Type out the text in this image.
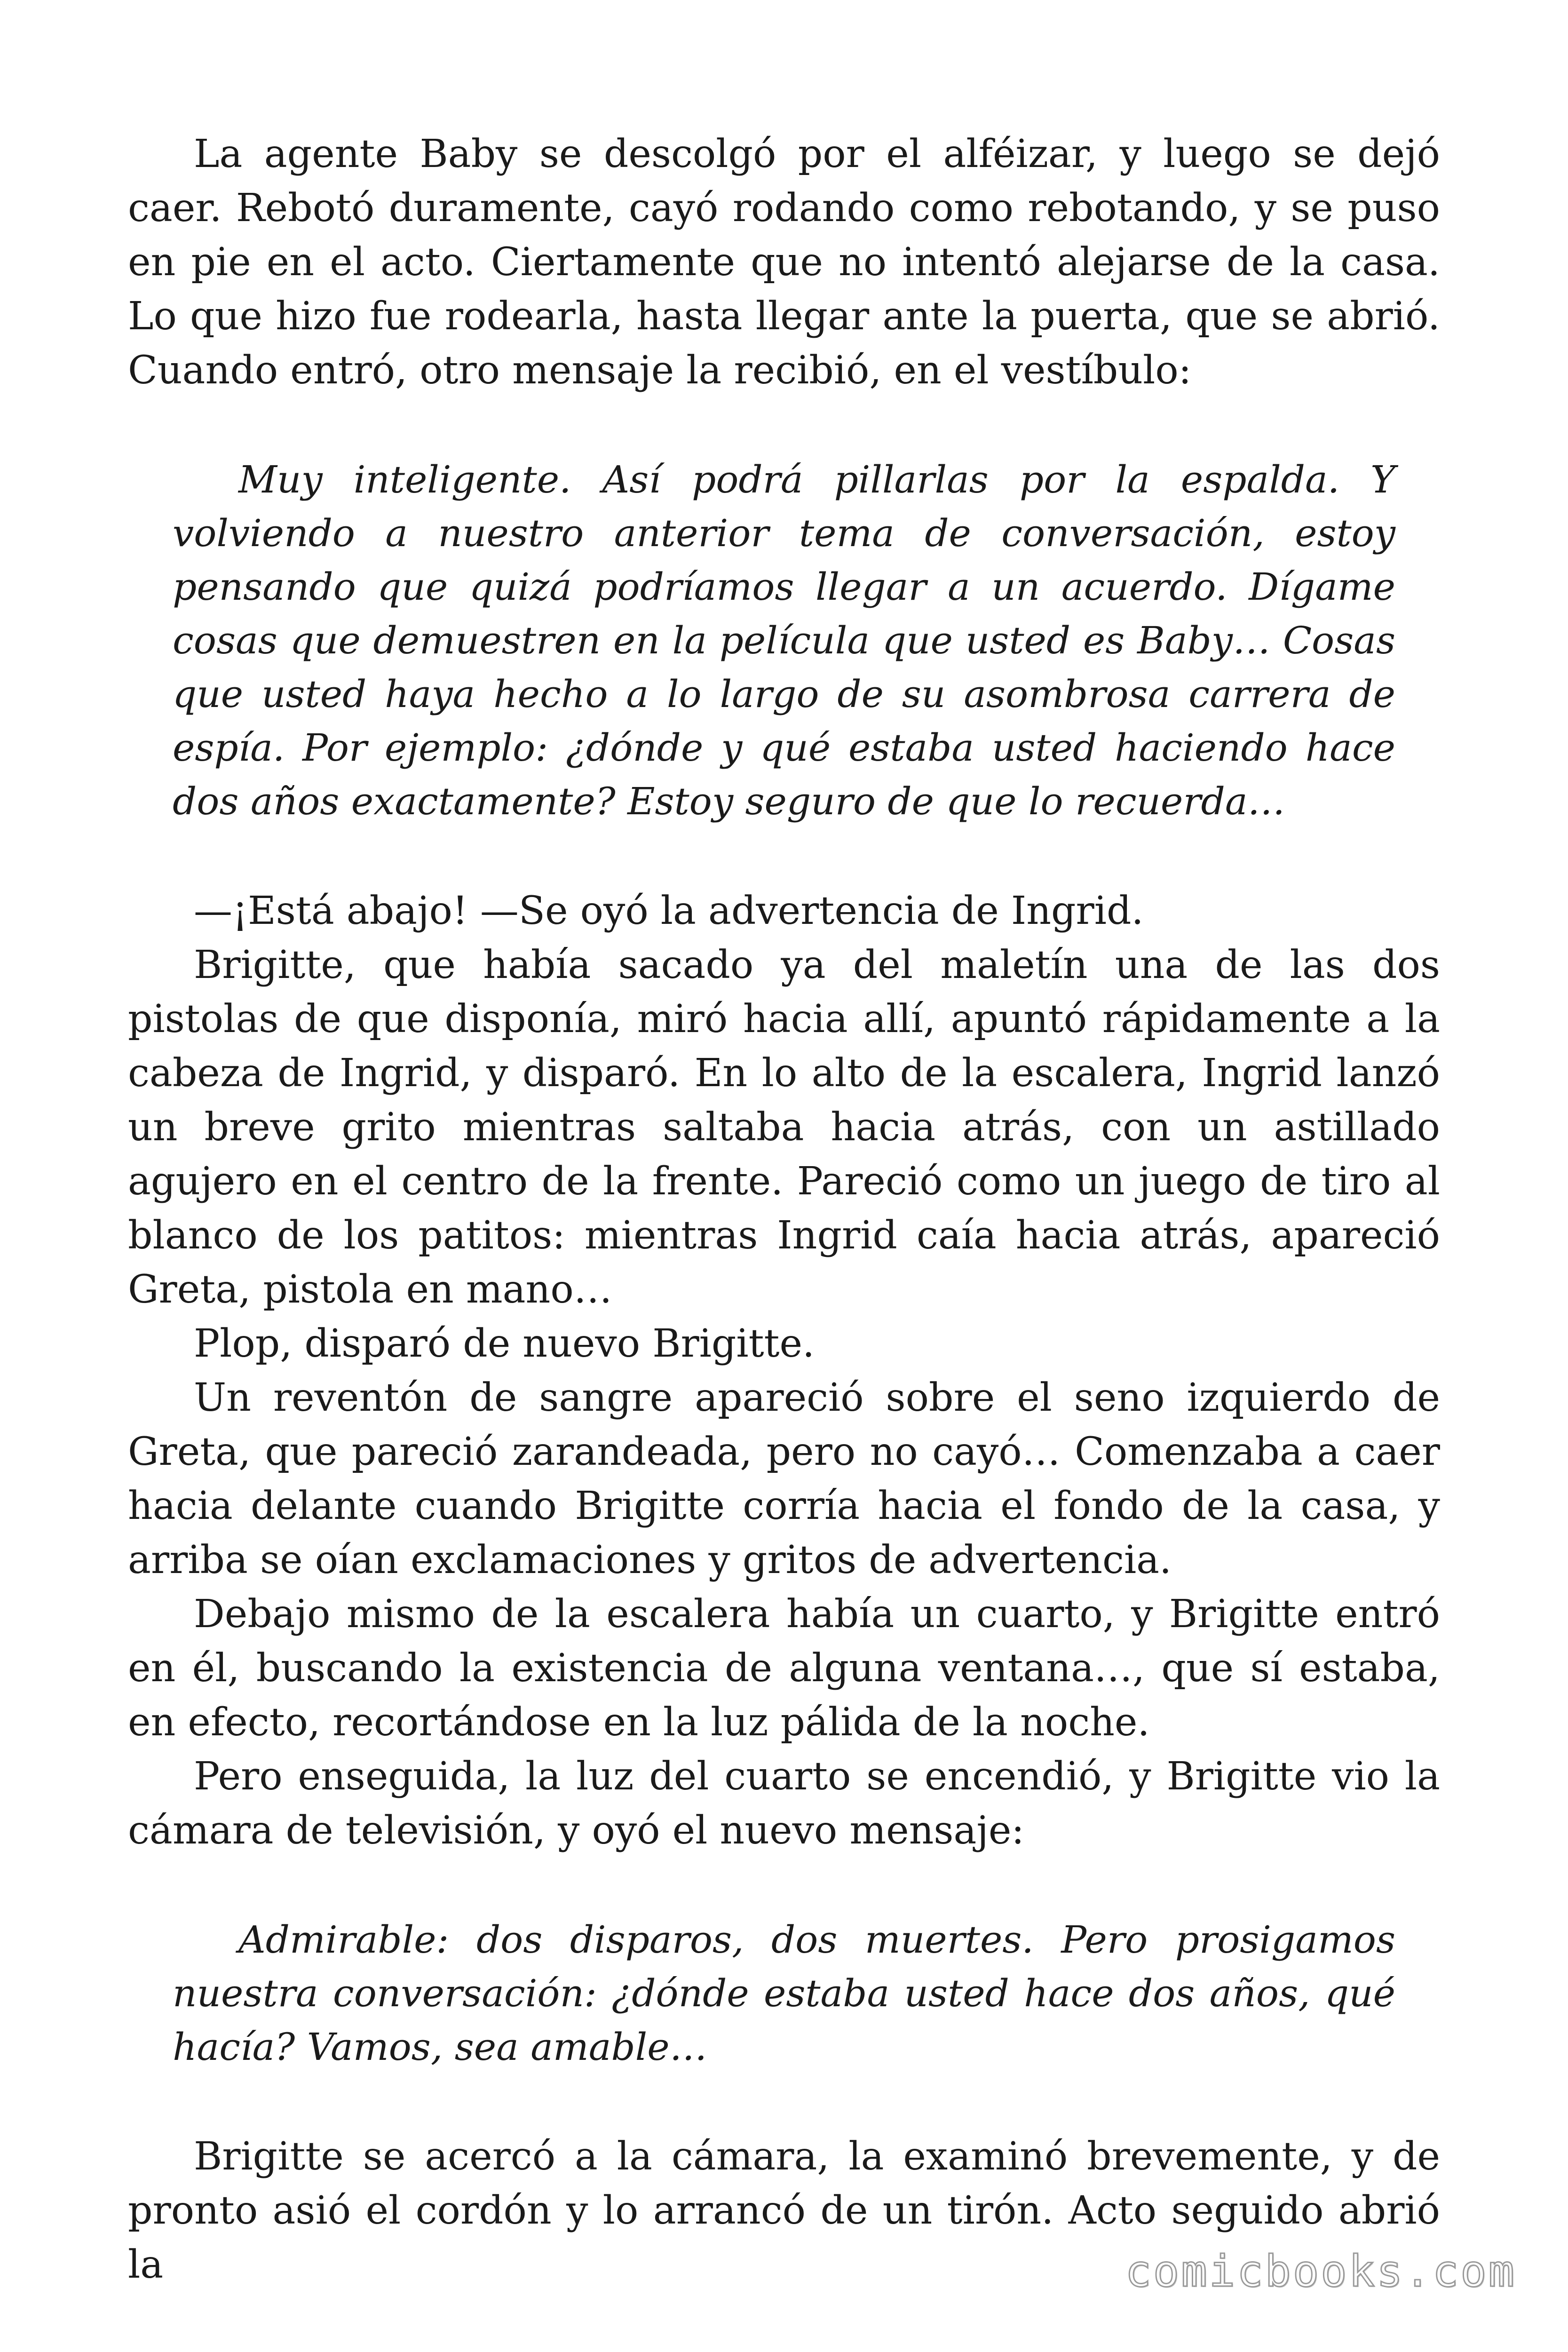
La agente Baby se descolgó por el alféizar, y luego se dejó caer. Rebotó duramente, cayó rodando como rebotando, y se puso en pie en el acto. Ciertamente que no intentó alejarse de la casa. Lo que hizo fue rodearla, hasta llegar ante la puerta, que se abrió. Cuando entró, otro mensaje la recibió, en el vestíbulo:

Muy inteligente. Así podrá pillarlas por la espalda. Y volviendo a nuestro anterior tema de conversación, estoy pensando que quizá podríamos llegar a un acuerdo. Dígame cosas que demuestren en la película que usted es Baby… Cosas que usted haya hecho a lo largo de su asombrosa carrera de espía. Por ejemplo: ¿dónde y qué estaba usted haciendo hace dos años exactamente? Estoy seguro de que lo recuerda…

—¡Está abajo! —Se oyó la advertencia de Ingrid.

Brigitte, que había sacado ya del maletín una de las dos pistolas de que disponía, miró hacia allí, apuntó rápidamente a la cabeza de Ingrid, y disparó. En lo alto de la escalera, Ingrid lanzó un breve grito mientras saltaba hacia atrás, con un astillado agujero en el centro de la frente. Pareció como un juego de tiro al blanco de los patitos: mientras Ingrid caía hacia atrás, apareció Greta, pistola en mano…

Plop, disparó de nuevo Brigitte.

Un reventón de sangre apareció sobre el seno izquierdo de Greta, que pareció zarandeada, pero no cayó… Comenzaba a caer hacia delante cuando Brigitte corría hacia el fondo de la casa, y arriba se oían exclamaciones y gritos de advertencia.

Debajo mismo de la escalera había un cuarto, y Brigitte entró en él, buscando la existencia de alguna ventana…, que sí estaba, en efecto, recortándose en la luz pálida de la noche.

Pero enseguida, la luz del cuarto se encendió, y Brigitte vio la cámara de televisión, y oyó el nuevo mensaje:

Admirable: dos disparos, dos muertes. Pero prosigamos nuestra conversación: ¿dónde estaba usted hace dos años, qué hacía? Vamos, sea amable…

Brigitte se acercó a la cámara, la examinó brevemente, y de pronto asió el cordón y lo arrancó de un tirón. Acto seguido abrió la	comicbooks.com
